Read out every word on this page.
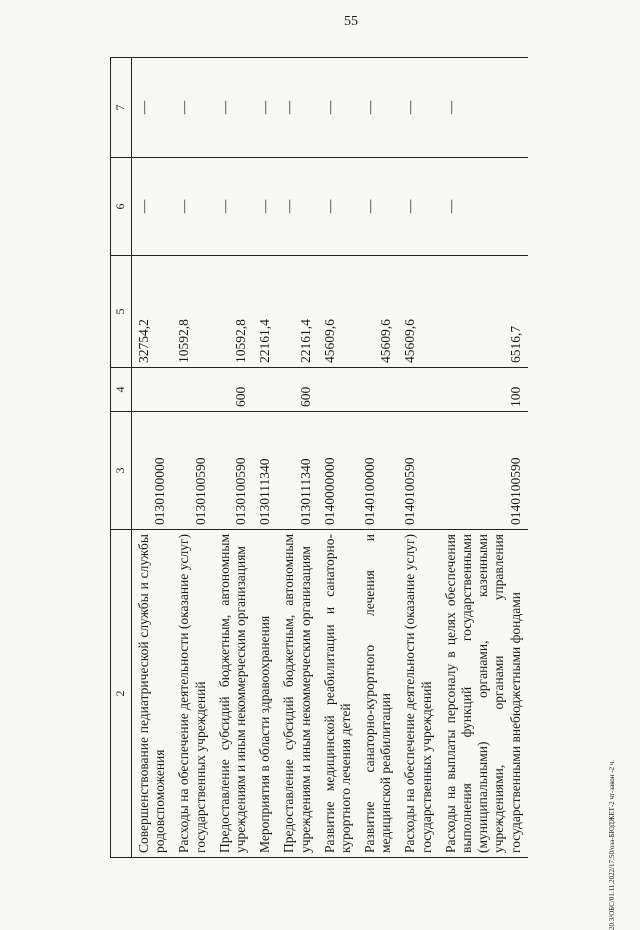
55
2	3	4	5	6	7
Совершенствование педиатрической службы и службы родовспоможения	0130100000		32754,2	—	—
Расходы на обеспечение деятельности (оказание услуг) государственных учреждений	0130100590		10592,8	—	—
Предоставление субсидий бюджетным, автономным учреждениям и иным некоммерческим организациям	0130100590	600	10592,8	—	—
Мероприятия в области здравоохранения	0130111340		22161,4	—	—
Предоставление субсидий бюджетным, автономным учреждениям и иным некоммерческим организациям	0130111340	600	22161,4	—	—
Развитие медицинской реабилитации и санаторно-курортного лечения детей	0140000000		45609,6	—	—
Развитие санаторно-курортного лечения и медицинской реабилитации	0140100000		45609,6	—	—
Расходы на обеспечение деятельности (оказание услуг) государственных учреждений	0140100590		45609,6	—	—
Расходы на выплаты персоналу в целях обеспечения выполнения функций государственными (муниципальными) органами, казенными учреждениями, органами управления государственными внебюджетными фондами	0140100590	100	6516,7	—	—
20.3/OБС/01.11.2022/17:50/оза-БЮДЖЕТ-2 чт-закон -2 ч.
